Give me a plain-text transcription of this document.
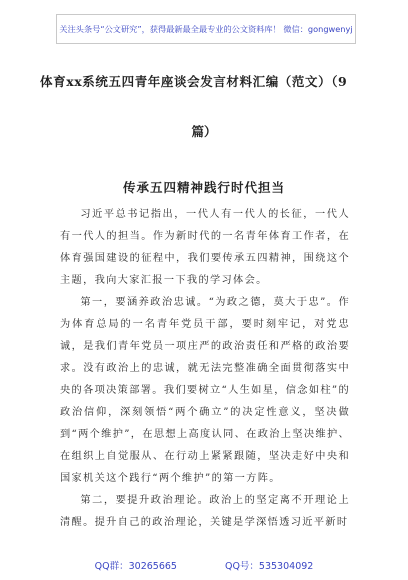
关注头条号“公文研究”，获得最新最全最专业的公文资料库！ 微信：gongwenyj
体育xx系统五四青年座谈会发言材料汇编（范文）（9
篇）
传承五四精神践行时代担当

习近平总书记指出，一代人有一代人的长征，一代人有一代人的担当。作为新时代的一名青年体育工作者，在体育强国建设的征程中，我们要传承五四精神，围绕这个主题，我向大家汇报一下我的学习体会。

第一，要涵养政治忠诚。“为政之德，莫大于忠”。作为体育总局的一名青年党员干部，要时刻牢记，对党忠诚，是我们青年党员一项庄严的政治责任和严格的政治要求。没有政治上的忠诚，就无法完整准确全面贯彻落实中央的各项决策部署。我们要树立“人生如星，信念如柱”的政治信仰，深刻领悟“两个确立”的决定性意义，坚决做到“两个维护”，在思想上高度认同、在政治上坚决维护、在组织上自觉服从、在行动上紧紧跟随，坚决走好中央和国家机关这个践行“两个维护”的第一方阵。

第二，要提升政治理论。政治上的坚定离不开理论上清醒。提升自己的政治理论，关键是学深悟透习近平新时

QQ群：30265665	QQ号：535304092
